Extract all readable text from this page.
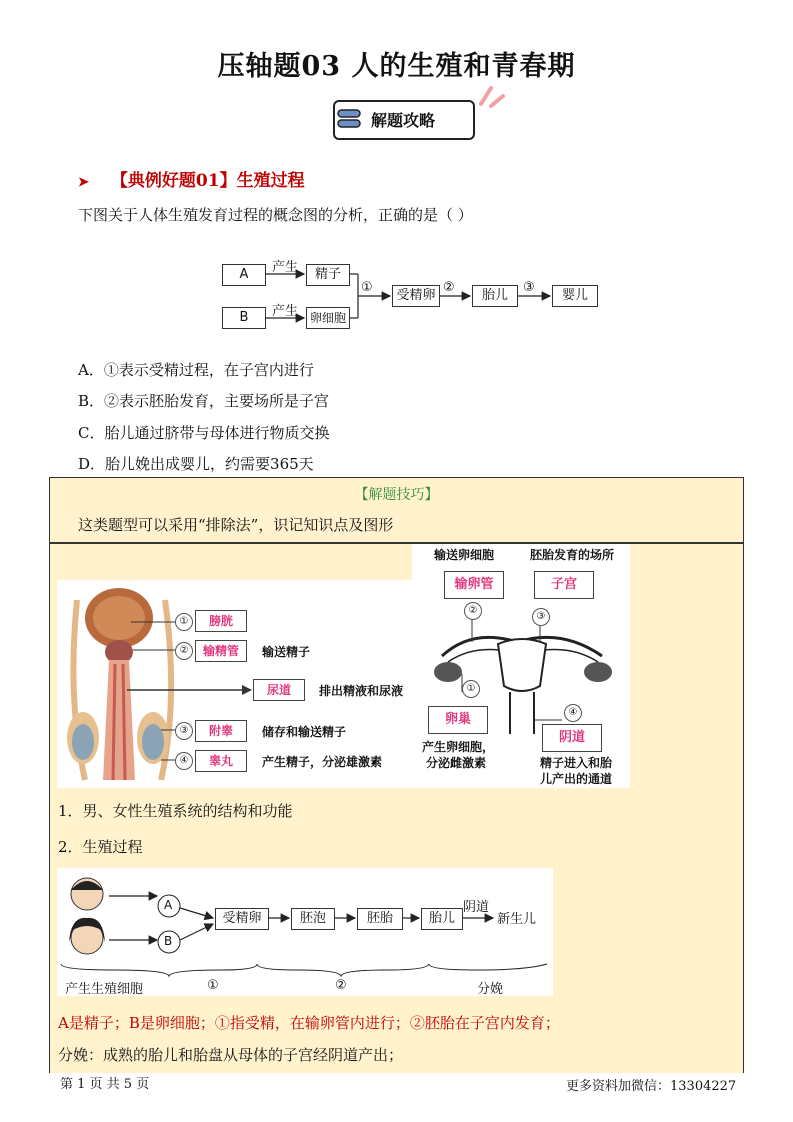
压轴题03 人的生殖和青春期
解题攻略
➤ 【典例好题01】生殖过程
下图关于人体生殖发育过程的概念图的分析，正确的是（ ）
A
B
产生
产生
精子
卵细胞
①
受精卵
②
胎儿
③
婴儿
A．①表示受精过程，在子宫内进行
B．②表示胚胎发育，主要场所是子宫
C．胎儿通过脐带与母体进行物质交换
D．胎儿娩出成婴儿，约需要365天
【解题技巧】
这类题型可以采用“排除法”，识记知识点及图形
①	膀胱
②	输精管	输送精子
尿道	排出精液和尿液
③	附睾	储存和输送精子
④	睾丸	产生精子，分泌雄激素
输送卵细胞	胚胎发育的场所
输卵管	子宫
②
③
①
卵巢
产生卵细胞，
分泌雌激素
④
阴道
精子进入和胎
儿产出的通道
1．男、女性生殖系统的结构和功能
2．生殖过程
A
B
受精卵	胚泡	胚胎	胎儿
阴道
新生儿
产生生殖细胞	①	②	分娩
A是精子；B是卵细胞；①指受精，在输卵管内进行；②胚胎在子宫内发育；
分娩：成熟的胎儿和胎盘从母体的子宫经阴道产出；
第 1 页 共 5 页	更多资料加微信：13304227
